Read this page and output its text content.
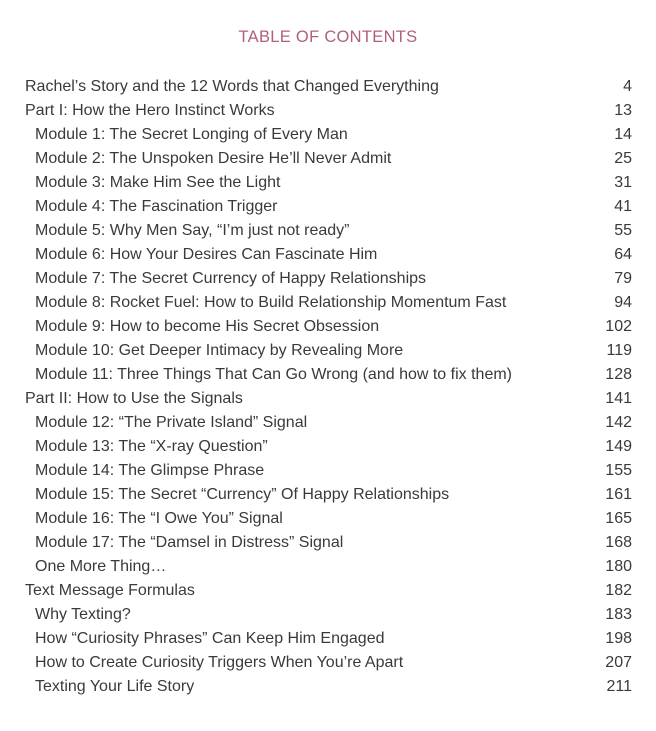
TABLE OF CONTENTS
Rachel’s Story and the 12 Words that Changed Everything	4
Part I: How the Hero Instinct Works	13
Module 1: The Secret Longing of Every Man	14
Module 2: The Unspoken Desire He’ll Never Admit	25
Module 3: Make Him See the Light	31
Module 4: The Fascination Trigger	41
Module 5: Why Men Say, “I’m just not ready”	55
Module 6: How Your Desires Can Fascinate Him	64
Module 7: The Secret Currency of Happy Relationships	79
Module 8: Rocket Fuel: How to Build Relationship Momentum Fast	94
Module 9: How to become His Secret Obsession	102
Module 10: Get Deeper Intimacy by Revealing More	119
Module 11: Three Things That Can Go Wrong (and how to fix them)	128
Part II: How to Use the Signals	141
Module 12: “The Private Island” Signal	142
Module 13: The “X-ray Question”	149
Module 14: The Glimpse Phrase	155
Module 15: The Secret “Currency” Of Happy Relationships	161
Module 16: The “I Owe You” Signal	165
Module 17: The “Damsel in Distress” Signal	168
One More Thing…	180
Text Message Formulas	182
Why Texting?	183
How “Curiosity Phrases” Can Keep Him Engaged	198
How to Create Curiosity Triggers When You’re Apart	207
Texting Your Life Story	211
